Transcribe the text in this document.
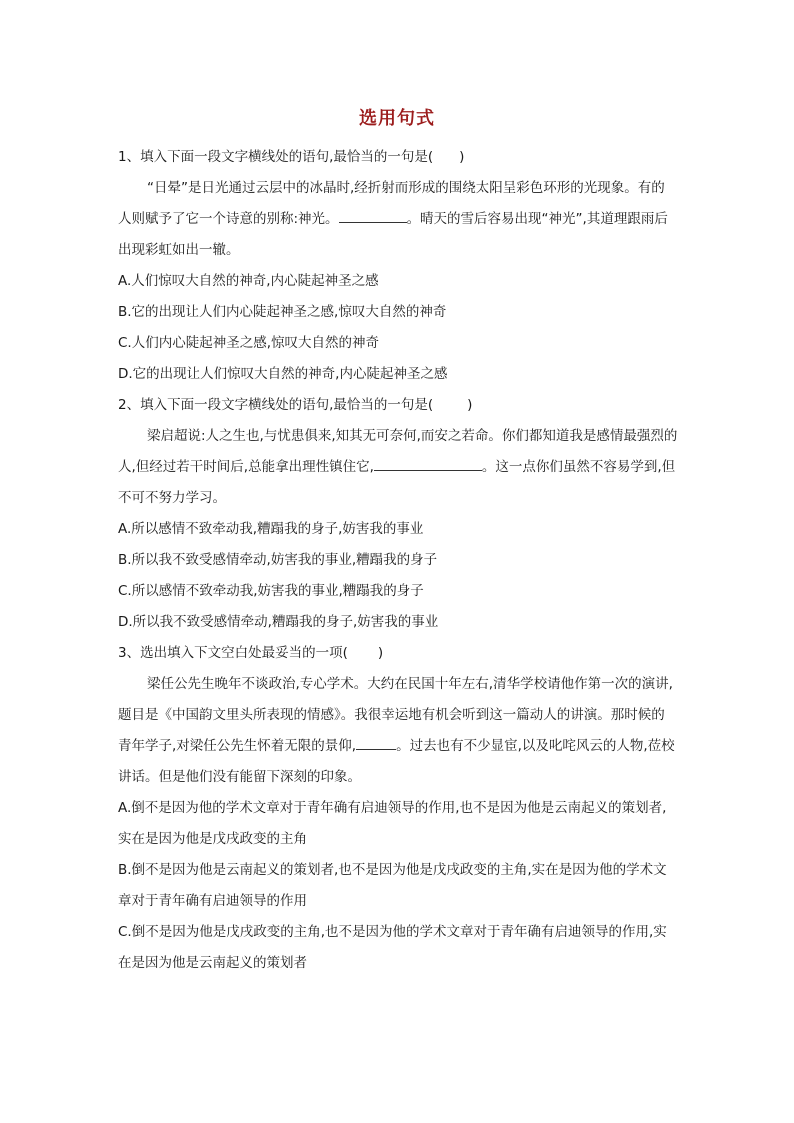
选用句式
1、填入下面一段文字横线处的语句,最恰当的一句是( )
“日晕”是日光通过云层中的冰晶时,经折射而形成的围绕太阳呈彩色环形的光现象。有的人则赋予了它一个诗意的别称:神光。	。晴天的雪后容易出现“神光”,其道理跟雨后出现彩虹如出一辙。
A.人们惊叹大自然的神奇,内心陡起神圣之感
B.它的出现让人们内心陡起神圣之感,惊叹大自然的神奇
C.人们内心陡起神圣之感,惊叹大自然的神奇
D.它的出现让人们惊叹大自然的神奇,内心陡起神圣之感
2、填入下面一段文字横线处的语句,最恰当的一句是(	)
梁启超说:人之生也,与忧患俱来,知其无可奈何,而安之若命。你们都知道我是感情最强烈的人,但经过若干时间后,总能拿出理性镇住它,	。这一点你们虽然不容易学到,但不可不努力学习。
A.所以感情不致牵动我,糟蹋我的身子,妨害我的事业
B.所以我不致受感情牵动,妨害我的事业,糟蹋我的身子
C.所以感情不致牵动我,妨害我的事业,糟蹋我的身子
D.所以我不致受感情牵动,糟蹋我的身子,妨害我的事业
3、选出填入下文空白处最妥当的一项( )
梁任公先生晚年不谈政治,专心学术。大约在民国十年左右,清华学校请他作第一次的演讲,题目是《中国韵文里头所表现的情感》。我很幸运地有机会听到这一篇动人的讲演。那时候的青年学子,对梁任公先生怀着无限的景仰,	。过去也有不少显宦,以及叱咤风云的人物,莅校讲话。但是他们没有能留下深刻的印象。
A.倒不是因为他的学术文章对于青年确有启迪领导的作用,也不是因为他是云南起义的策划者,实在是因为他是戊戌政变的主角
B.倒不是因为他是云南起义的策划者,也不是因为他是戊戌政变的主角,实在是因为他的学术文章对于青年确有启迪领导的作用
C.倒不是因为他是戊戌政变的主角,也不是因为他的学术文章对于青年确有启迪领导的作用,实在是因为他是云南起义的策划者
